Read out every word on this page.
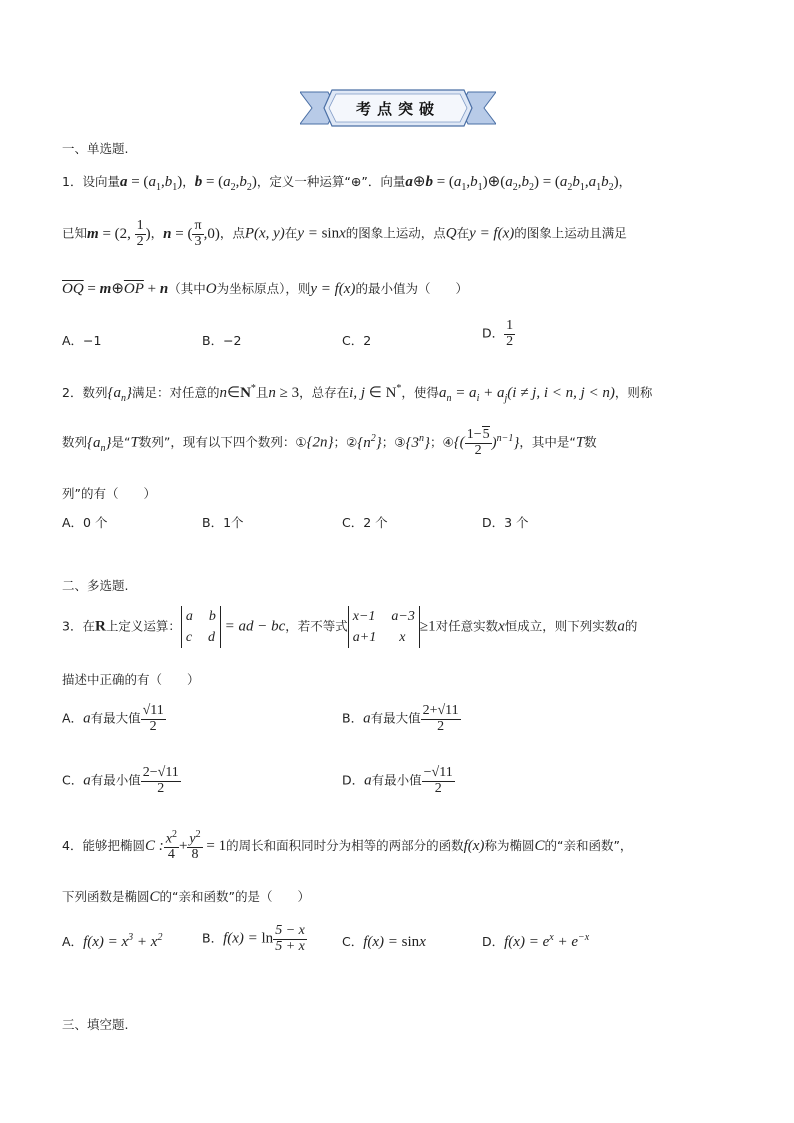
考点突破
一、单选题.
1．设向量$a = (a_1,b_1)$，$b = (a_2,b_2)$，定义一种运算“⊕”．向量a⊕b = $(a_1,b_1)\oplus(a_2,b_2) = (a_2b_1,a_1b_2)$，
已知m = (2, $\frac{1}{2}$ )，n = ( $\frac{\pi}{3} ,0$)，点P(x, y)在y = sinx的图象上运动，点Q在y = f(x)的图象上运动且满足
$\overline{OQ}$ = $m\oplus\overline{OP} + n$（其中O为坐标原点），则y = f(x)的最小值为（　　）
A．−1	B．−2	C．2	D． $\frac{1}{2}$
2．数列$\{a_n\}$满足：对任意的n∈N*且n ≥ 3，总存在i, j ∈ N*，使得$a_n = a_i + a_j(i \ne j$, i < n, j < n)，则称
数列$\{a_n\}$是“T数列”，现有以下四个数列：①{2n}；$②\{n^2\}$；③{3$^n$}；④{( $\frac{1-5}{2} )^{n-1}$}，其中是“T数
列”的有（　　）
A．0 个	B．1个	C．2 个	D．3 个
二、多选题.
3．在R上定义运算：
a b
c d
= ad − bc，若不等式
x−1 a−3
a+1 x
≥1对任意实数x恒成立，则下列实数a的
描述中正确的有（　　）
A．a有最大值 $\frac{√11}{2}$	B．a有最大值 $\frac{2+√11}{2}$
C．a有最小值 $\frac{2-√11}{2}$	D．a有最小值 $\frac{-√11}{2}$
4．能够把椭圆C : $\frac{x^2}{4} + \frac{y^2}{8} = 1$的周长和面积同时分为相等的两部分的函数f(x)称为椭圆C的“亲和函数”，
下列函数是椭圆C的“亲和函数”的是（　　）
A．$f(x) = x^3 + x^2$	B．$f(x) = \ln \frac{5 - x}{5 + x}$	C．f(x) = sinx	D．$f(x) = e^x + e^{-x}$
三、填空题.
